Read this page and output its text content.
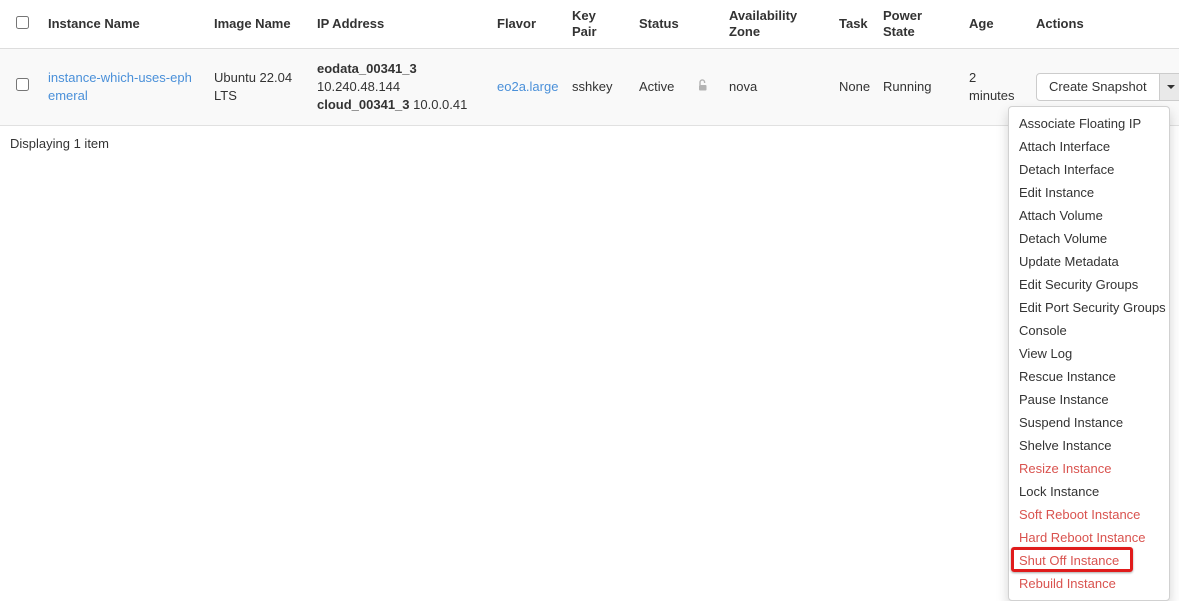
	Instance Name	Image Name	IP Address	Flavor	Key Pair	Status		Availability Zone	Task	Power State	Age	Actions
	instance-which-uses-ephemeral	Ubuntu 22.04 LTS	eodata_00341_3
10.240.48.144
cloud_00341_3 10.0.0.41	eo2a.large	sshkey	Active		nova	None	Running	2 minutes	Create Snapshot
Displaying 1 item
Associate Floating IP
Attach Interface
Detach Interface
Edit Instance
Attach Volume
Detach Volume
Update Metadata
Edit Security Groups
Edit Port Security Groups
Console
View Log
Rescue Instance
Pause Instance
Suspend Instance
Shelve Instance
Resize Instance
Lock Instance
Soft Reboot Instance
Hard Reboot Instance
Shut Off Instance
Rebuild Instance
